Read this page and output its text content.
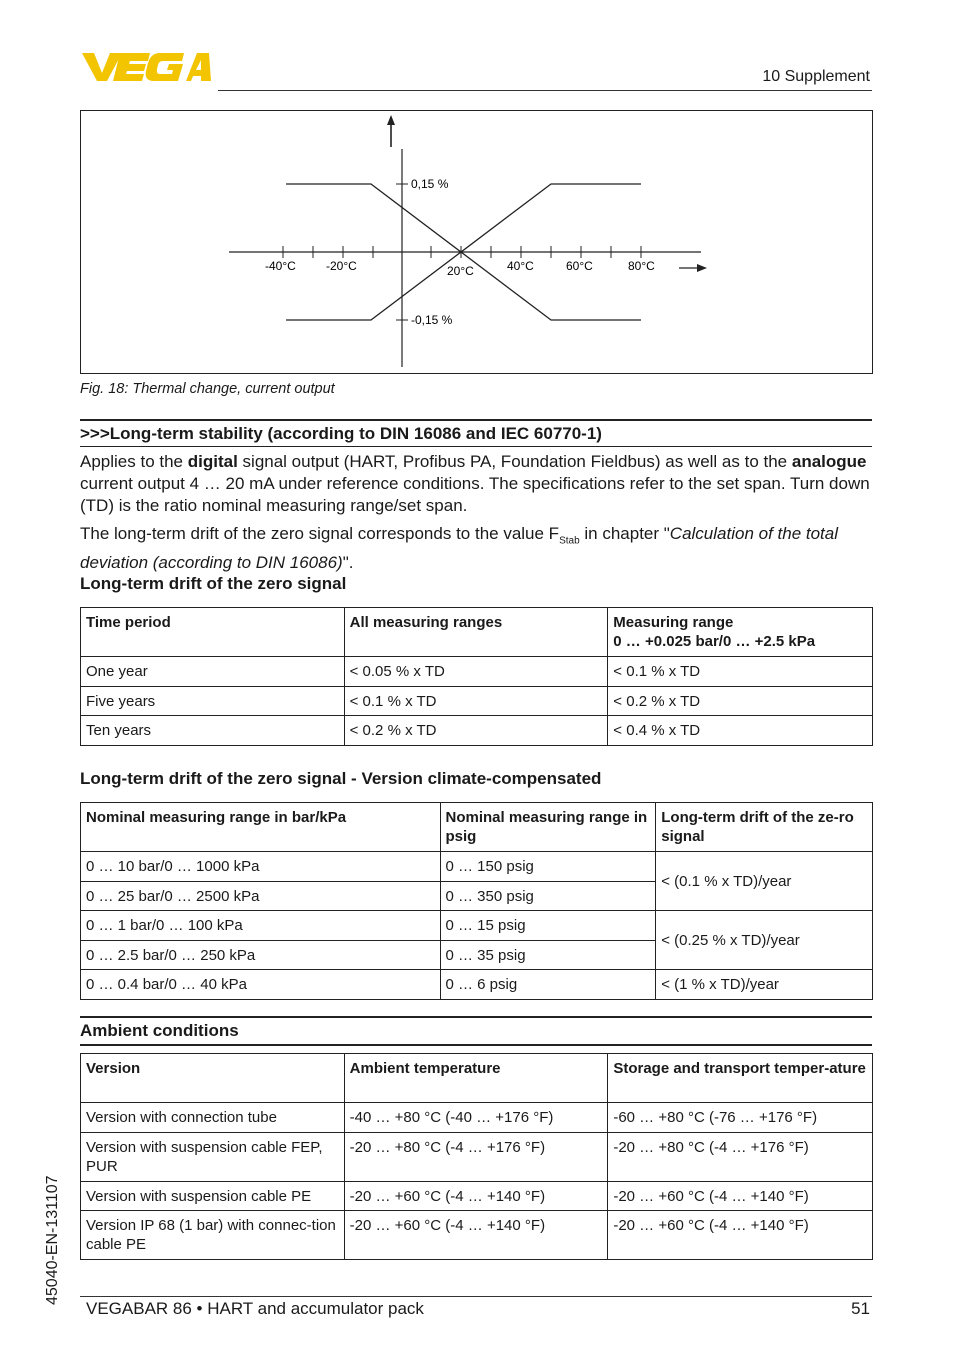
10 Supplement
0,15 %
-0,15 %
-40°C	-20°C	20°C	40°C	60°C	80°C
Fig. 18: Thermal change, current output
>>>Long-term stability (according to DIN 16086 and IEC 60770-1)
Applies to the digital signal output (HART, Profibus PA, Foundation Fieldbus) as well as to the analogue current output 4 … 20 mA under reference conditions. The specifications refer to the set span. Turn down (TD) is the ratio nominal measuring range/set span.
The long-term drift of the zero signal corresponds to the value $F_{Stab}$ in chapter "Calculation of the total deviation (according to DIN 16086)".
Long-term drift of the zero signal
Time period	All measuring ranges	Measuring range
0 … +0.025 bar/0 … +2.5 kPa
One year	< 0.05 % x TD	< 0.1 % x TD
Five years	< 0.1 % x TD	< 0.2 % x TD
Ten years	< 0.2 % x TD	< 0.4 % x TD
Long-term drift of the zero signal - Version climate-compensated
Nominal measuring range in bar/kPa	Nominal measuring range in psig	Long-term drift of the ze-ro signal
0 … 10 bar/0 … 1000 kPa	0 … 150 psig	< (0.1 % x TD)/year
0 … 25 bar/0 … 2500 kPa	0 … 350 psig	
0 … 1 bar/0 … 100 kPa	0 … 15 psig	< (0.25 % x TD)/year
0 … 2.5 bar/0 … 250 kPa	0 … 35 psig	
0 … 0.4 bar/0 … 40 kPa	0 … 6 psig	< (1 % x TD)/year
Ambient conditions
Version	Ambient temperature	Storage and transport temper-ature
Version with connection tube	-40 … +80 °C (-40 … +176 °F)	-60 … +80 °C (-76 … +176 °F)
Version with suspension cable FEP, PUR	-20 … +80 °C (-4 … +176 °F)	-20 … +80 °C (-4 … +176 °F)
Version with suspension cable PE	-20 … +60 °C (-4 … +140 °F)	-20 … +60 °C (-4 … +140 °F)
Version IP 68 (1 bar) with connec-tion cable PE	-20 … +60 °C (-4 … +140 °F)	-20 … +60 °C (-4 … +140 °F)
45040-EN-131107
VEGABAR 86 • HART and accumulator pack	51
